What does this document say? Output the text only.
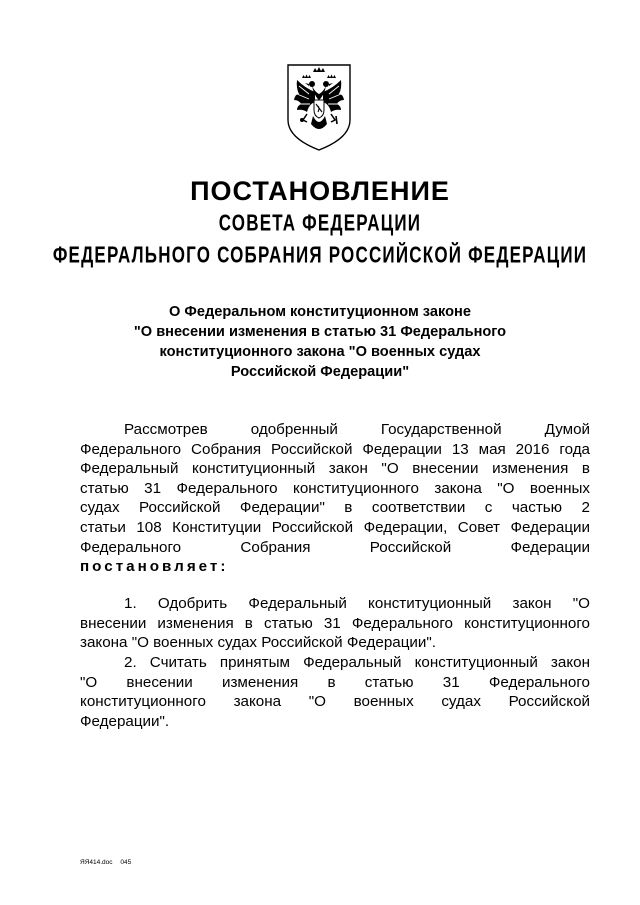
ПОСТАНОВЛЕНИЕ
СОВЕТА ФЕДЕРАЦИИ
ФЕДЕРАЛЬНОГО СОБРАНИЯ РОССИЙСКОЙ ФЕДЕРАЦИИ
О Федеральном конституционном законе
"О внесении изменения в статью 31 Федерального
конституционного закона "О военных судах
Российской Федерации"
Рассмотрев одобренный Государственной Думой
Федерального Собрания Российской Федерации 13 мая 2016 года
Федеральный конституционный закон "О внесении изменения в
статью 31 Федерального конституционного закона "О военных
судах Российской Федерации" в соответствии с частью 2
статьи 108 Конституции Российской Федерации, Совет Федерации
Федерального Собрания Российской Федерации
постановляет:
1. Одобрить Федеральный конституционный закон "О
внесении изменения в статью 31 Федерального конституционного
закона "О военных судах Российской Федерации".
2. Считать принятым Федеральный конституционный закон
"О внесении изменения в статью 31 Федерального
конституционного закона "О военных судах Российской
Федерации".
ЯЯ414.doc 045
